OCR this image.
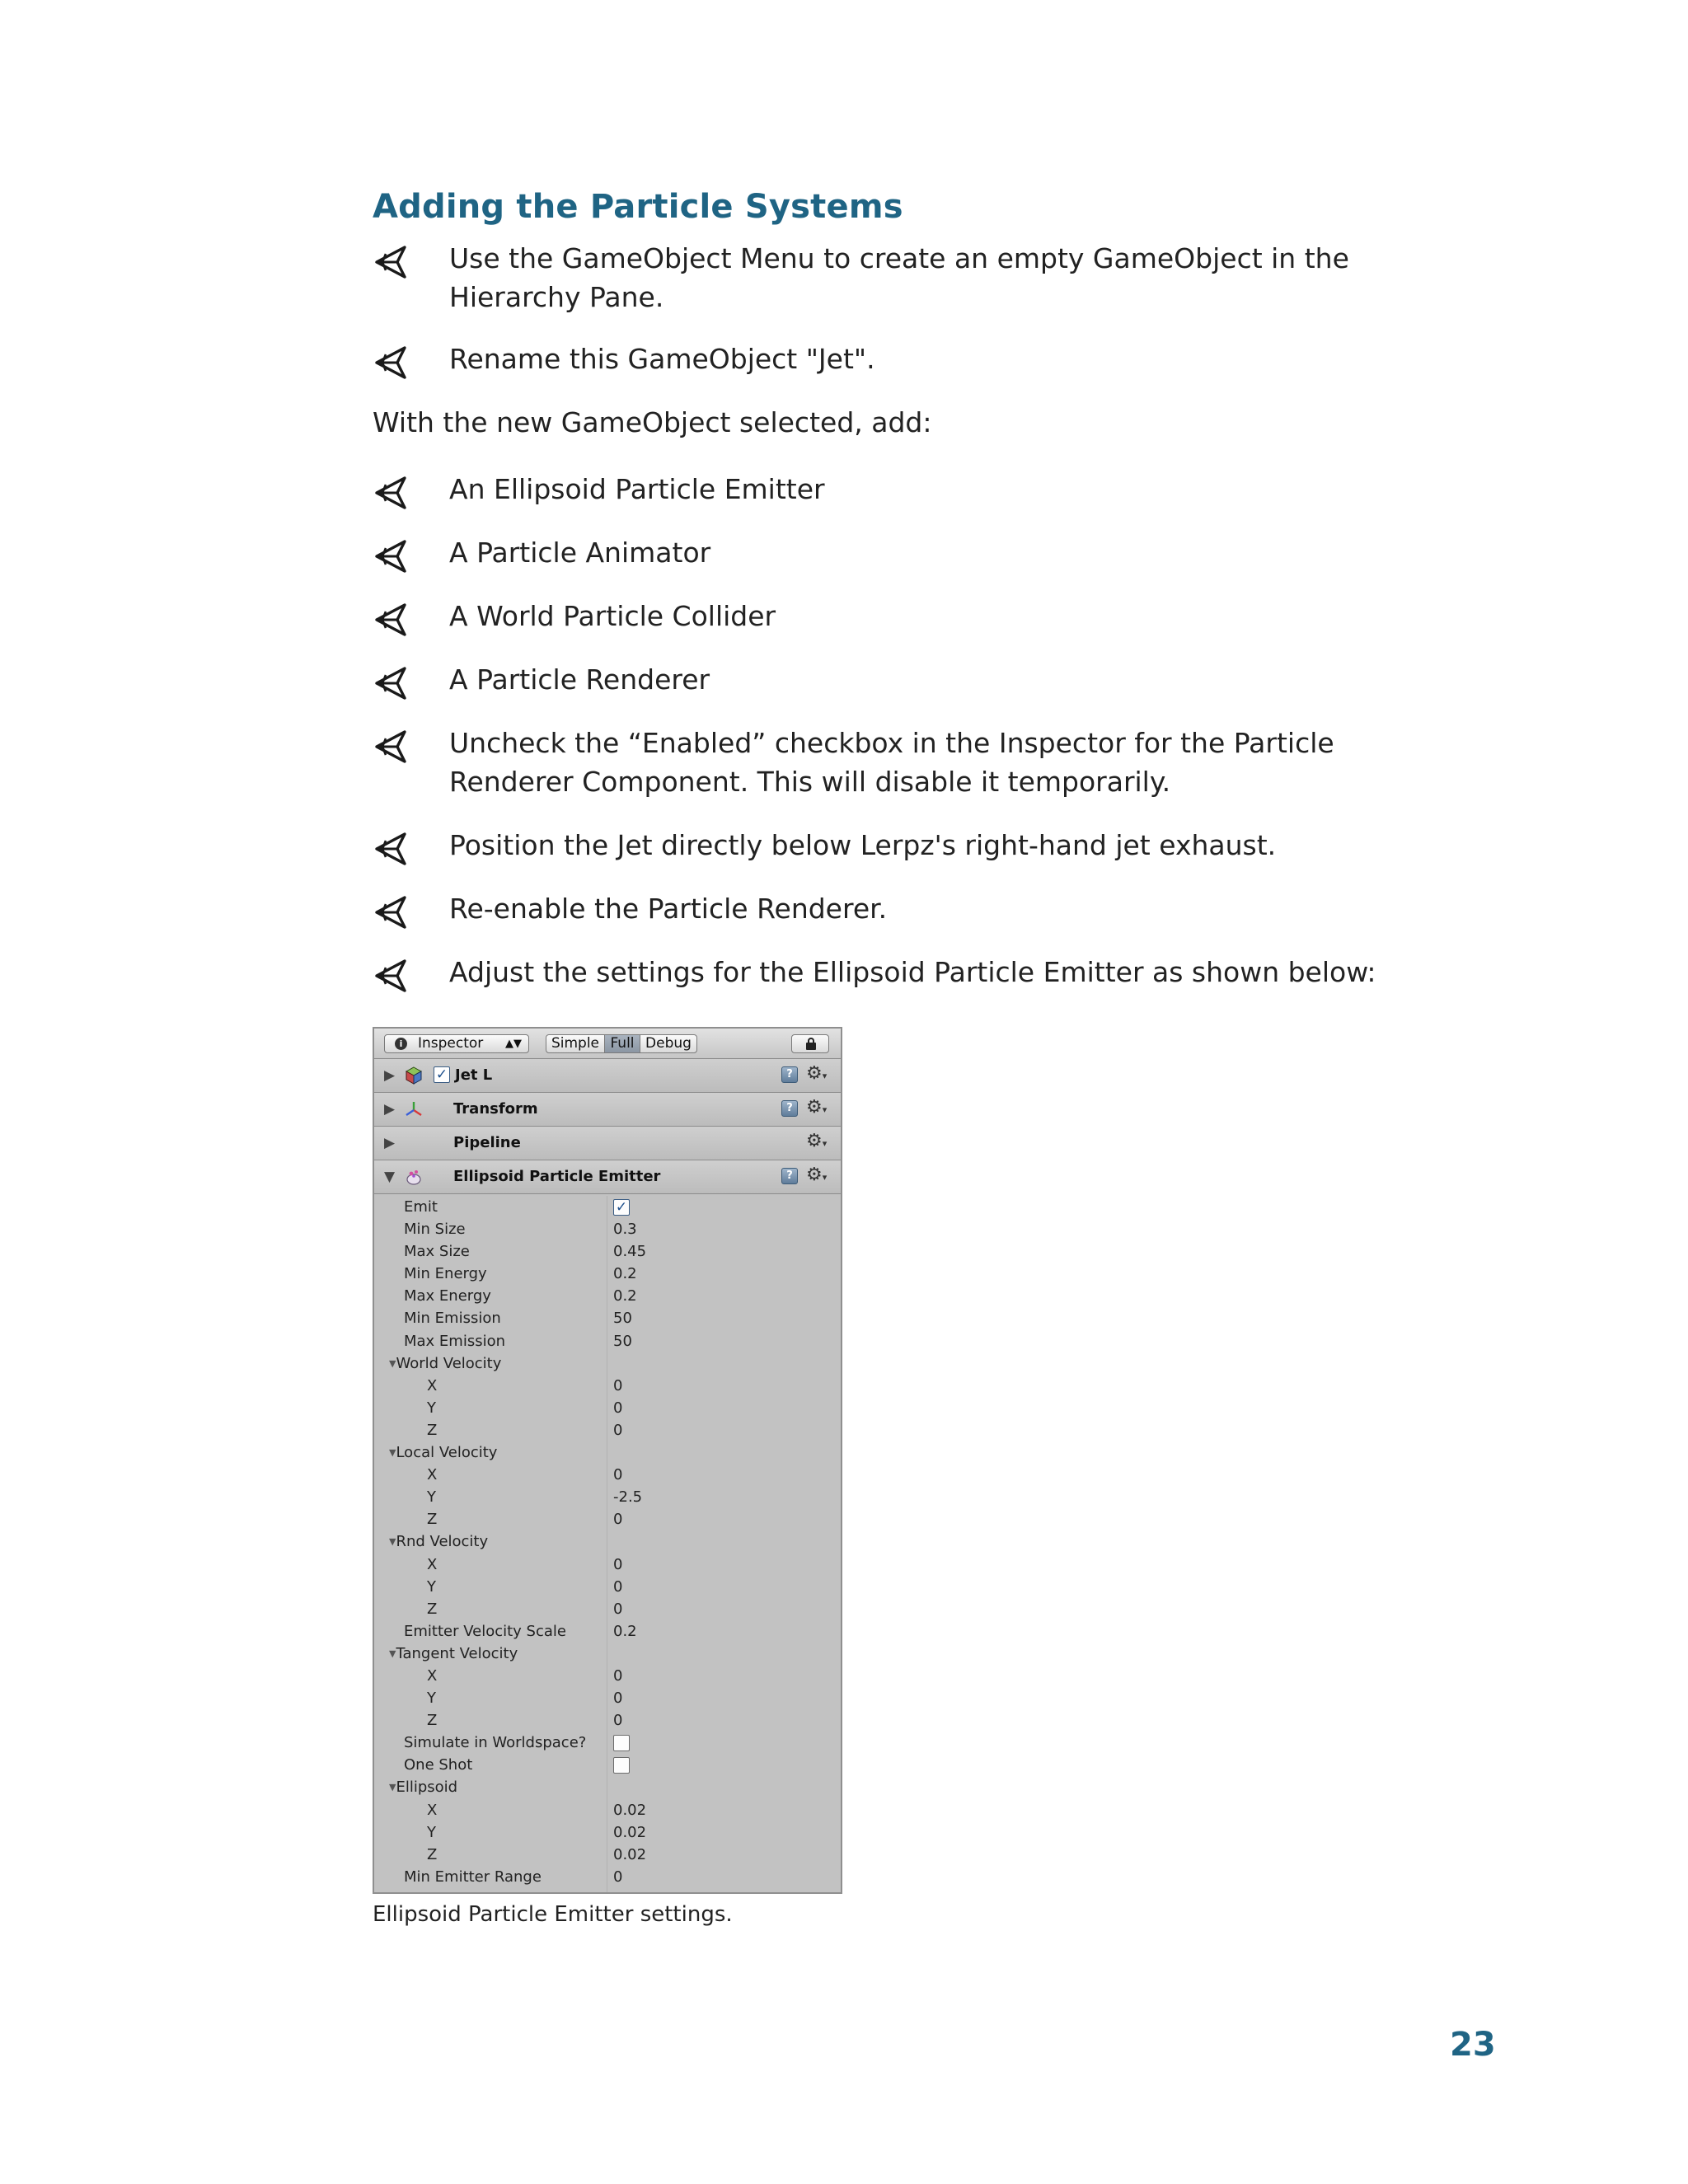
Adding the Particle Systems
Use the GameObject Menu to create an empty GameObject in the Hierarchy Pane.
Rename this GameObject "Jet".
With the new GameObject selected, add:
An Ellipsoid Particle Emitter
A Particle Animator
A World Particle Collider
A Particle Renderer
Uncheck the “Enabled” checkbox in the Inspector for the Particle Renderer Component. This will disable it temporarily.
Position the Jet directly below Lerpz's right-hand jet exhaust.
Re-enable the Particle Renderer.
Adjust the settings for the Ellipsoid Particle Emitter as shown below:
i	Inspector ▲▼	Simple Full Debug
▶	✓ Jet L	? ⚙▾
▶	Transform	? ⚙▾
▶	Pipeline	⚙▾
▼	Ellipsoid Particle Emitter	? ⚙▾
Emit	✓
Min Size	0.3
Max Size	0.45
Min Energy	0.2
Max Energy	0.2
Min Emission	50
Max Emission	50
▼ World Velocity
X	0
Y	0
Z	0
▼ Local Velocity
X	0
Y	-2.5
Z	0
▼ Rnd Velocity
X	0
Y	0
Z	0
Emitter Velocity Scale	0.2
▼ Tangent Velocity
X	0
Y	0
Z	0
Simulate in Worldspace?
One Shot
▼ Ellipsoid
X	0.02
Y	0.02
Z	0.02
Min Emitter Range	0
Ellipsoid Particle Emitter settings.
23
